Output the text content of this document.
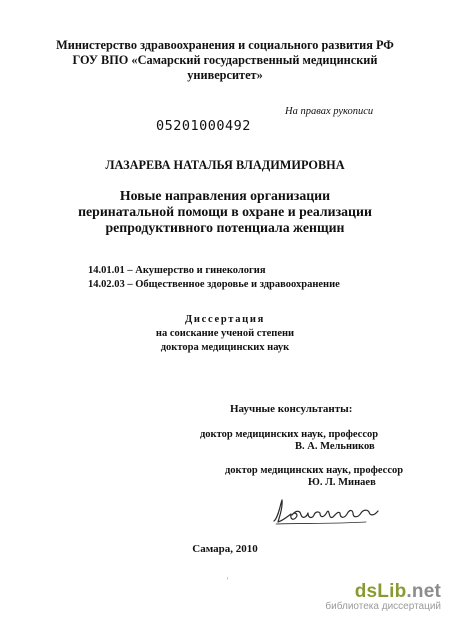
Министерство здравоохранения и социального развития РФ
ГОУ ВПО «Самарский государственный медицинский
университет»
На правах рукописи
05201000492
ЛАЗАРЕВА НАТАЛЬЯ ВЛАДИМИРОВНА
Новые направления организации
перинатальной помощи в охране и реализации
репродуктивного потенциала женщин
14.01.01 – Акушерство и гинекология
14.02.03 – Общественное здоровье и здравоохранение
Диссертация
на соискание ученой степени
доктора медицинских наук
Научные консультанты:
доктор медицинских наук, профессор
В. А. Мельников
доктор медицинских наук, профессор
Ю. Л. Минаев
Самара, 2010
'
dsLib.net
библиотека диссертаций
